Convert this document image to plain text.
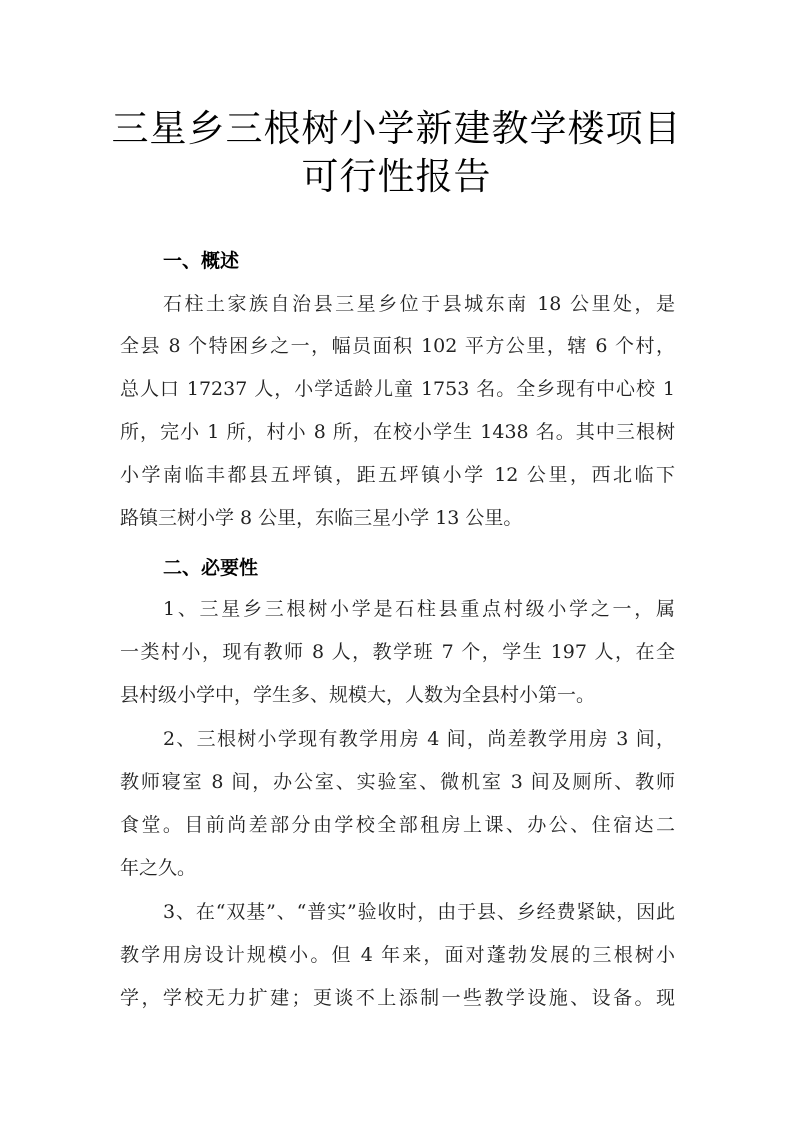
三星乡三根树小学新建教学楼项目
可行性报告
一、概述
石柱土家族自治县三星乡位于县城东南 18 公里处，是
全县 8 个特困乡之一，幅员面积 102 平方公里，辖 6 个村，
总人口 17237 人，小学适龄儿童 1753 名。全乡现有中心校 1
所，完小 1 所，村小 8 所，在校小学生 1438 名。其中三根树
小学南临丰都县五坪镇，距五坪镇小学 12 公里，西北临下
路镇三树小学 8 公里，东临三星小学 13 公里。
二、必要性
1、三星乡三根树小学是石柱县重点村级小学之一，属
一类村小，现有教师 8 人，教学班 7 个，学生 197 人，在全
县村级小学中，学生多、规模大，人数为全县村小第一。
2、三根树小学现有教学用房 4 间，尚差教学用房 3 间，
教师寝室 8 间，办公室、实验室、微机室 3 间及厕所、教师
食堂。目前尚差部分由学校全部租房上课、办公、住宿达二
年之久。
3、在“双基”、“普实”验收时，由于县、乡经费紧缺，因此
教学用房设计规模小。但 4 年来，面对蓬勃发展的三根树小
学，学校无力扩建；更谈不上添制一些教学设施、设备。现
